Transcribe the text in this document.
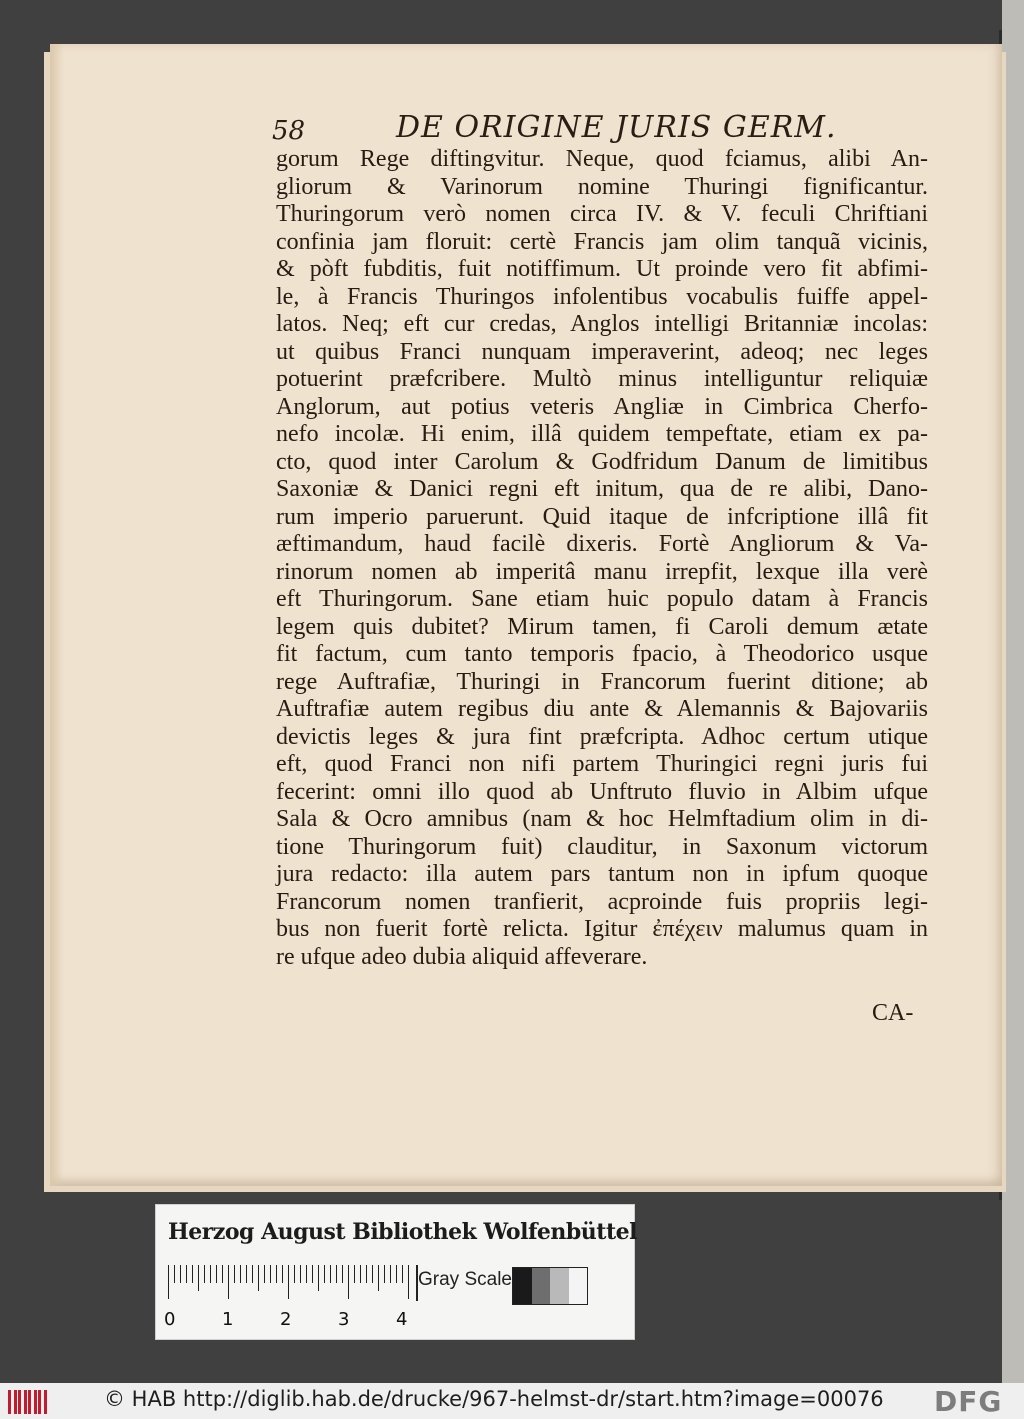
58	DE ORIGINE JURIS GERM.
gorum Rege diftingvitur. Neque, quod fciamus, alibi An-
gliorum & Varinorum nomine Thuringi fignificantur.
Thuringorum verò nomen circa IV. & V. feculi Chriftiani
confinia jam floruit: certè Francis jam olim tanquã vicinis,
& pòft fubditis, fuit notiffimum. Ut proinde vero fit abfimi-
le, à Francis Thuringos infolentibus vocabulis fuiffe appel-
latos. Neq; eft cur credas, Anglos intelligi Britanniæ incolas:
ut quibus Franci nunquam imperaverint, adeoq; nec leges
potuerint præfcribere. Multò minus intelliguntur reliquiæ
Anglorum, aut potius veteris Angliæ in Cimbrica Cherfo-
nefo incolæ. Hi enim, illâ quidem tempeftate, etiam ex pa-
cto, quod inter Carolum & Godfridum Danum de limitibus
Saxoniæ & Danici regni eft initum, qua de re alibi, Dano-
rum imperio paruerunt. Quid itaque de infcriptione illâ fit
æftimandum, haud facilè dixeris. Fortè Angliorum & Va-
rinorum nomen ab imperitâ manu irrepfit, lexque illa verè
eft Thuringorum. Sane etiam huic populo datam à Francis
legem quis dubitet? Mirum tamen, fi Caroli demum ætate
fit factum, cum tanto temporis fpacio, à Theodorico usque
rege Auftrafiæ, Thuringi in Francorum fuerint ditione; ab
Auftrafiæ autem regibus diu ante & Alemannis & Bajovariis
devictis leges & jura fint præfcripta. Adhoc certum utique
eft, quod Franci non nifi partem Thuringici regni juris fui
fecerint: omni illo quod ab Unftruto fluvio in Albim ufque
Sala & Ocro amnibus (nam & hoc Helmftadium olim in di-
tione Thuringorum fuit) clauditur, in Saxonum victorum
jura redacto: illa autem pars tantum non in ipfum quoque
Francorum nomen tranfierit, acproinde fuis propriis legi-
bus non fuerit fortè relicta. Igitur ἐπέχειν malumus quam in
re ufque adeo dubia aliquid affeverare.
CA-
Herzog August Bibliothek Wolfenbüttel
0	1	2	3	4
Gray Scale
© HAB http://diglib.hab.de/drucke/967-helmst-dr/start.htm?image=00076 DFG
